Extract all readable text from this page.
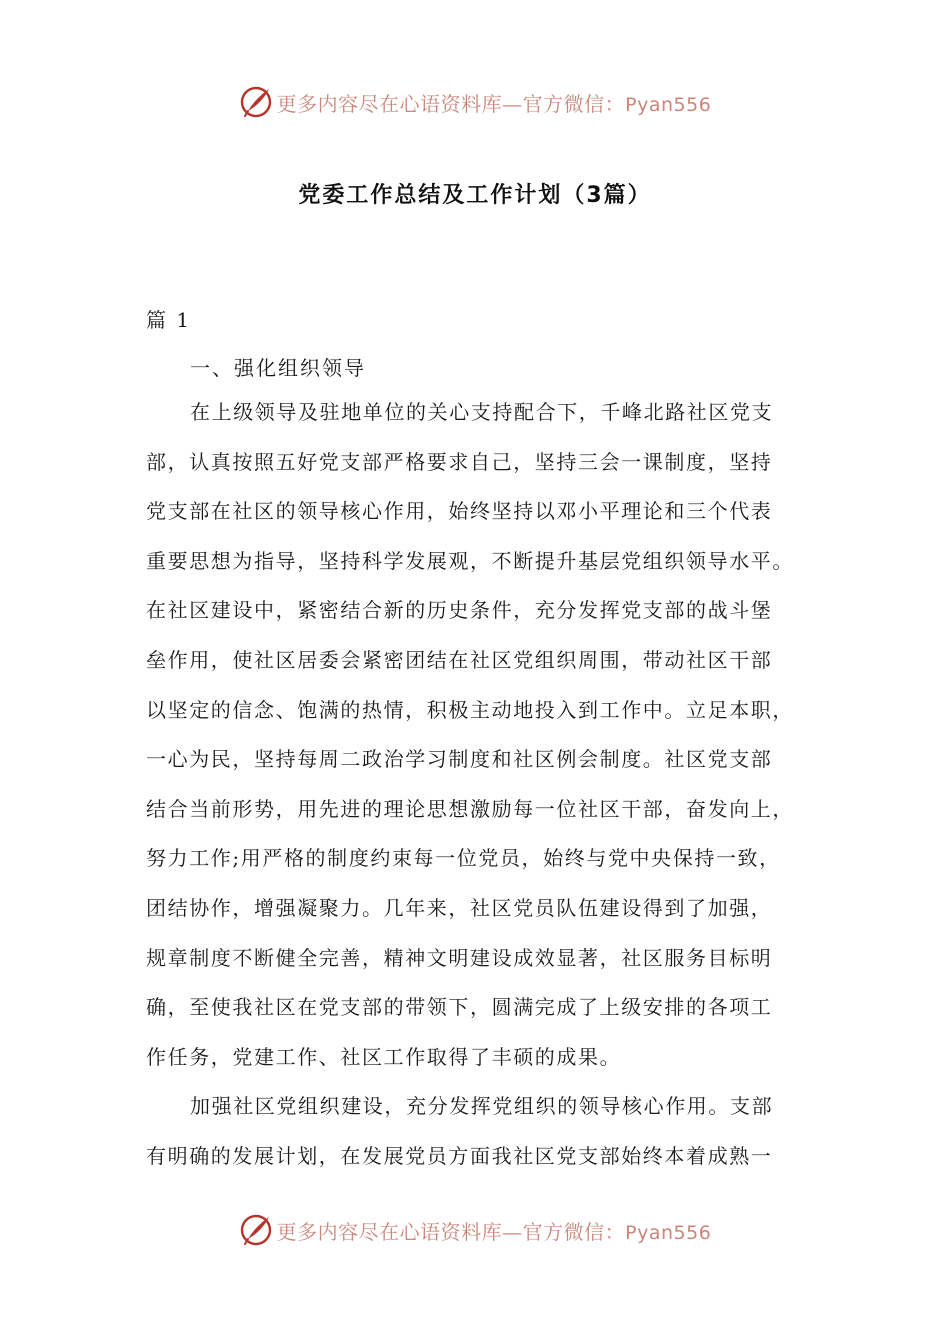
更多内容尽在心语资料库—官方微信：Pyan556
党委工作总结及工作计划（3篇）
篇 1

一、强化组织领导

在上级领导及驻地单位的关心支持配合下，千峰北路社区党支

部，认真按照五好党支部严格要求自己，坚持三会一课制度，坚持

党支部在社区的领导核心作用，始终坚持以邓小平理论和三个代表

重要思想为指导，坚持科学发展观，不断提升基层党组织领导水平。

在社区建设中，紧密结合新的历史条件，充分发挥党支部的战斗堡

垒作用，使社区居委会紧密团结在社区党组织周围，带动社区干部

以坚定的信念、饱满的热情，积极主动地投入到工作中。立足本职，

一心为民，坚持每周二政治学习制度和社区例会制度。社区党支部

结合当前形势，用先进的理论思想激励每一位社区干部，奋发向上，

努力工作;用严格的制度约束每一位党员，始终与党中央保持一致，

团结协作，增强凝聚力。几年来，社区党员队伍建设得到了加强，

规章制度不断健全完善，精神文明建设成效显著，社区服务目标明

确，至使我社区在党支部的带领下，圆满完成了上级安排的各项工

作任务，党建工作、社区工作取得了丰硕的成果。

加强社区党组织建设，充分发挥党组织的领导核心作用。支部

有明确的发展计划，在发展党员方面我社区党支部始终本着成熟一

更多内容尽在心语资料库—官方微信：Pyan556
